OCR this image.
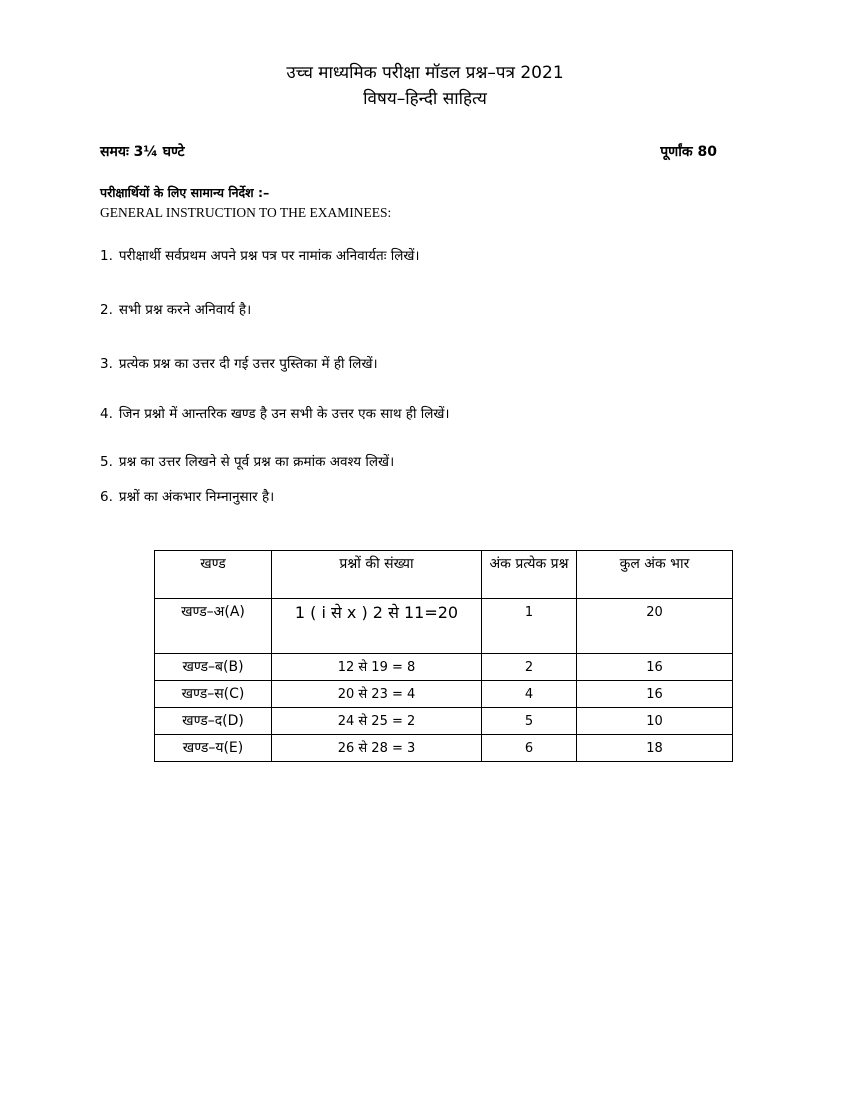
उच्च माध्यमिक परीक्षा मॉडल प्रश्न–पत्र 2021
विषय–हिन्दी साहित्य
समयः 3¼ घण्टे	पूर्णांक 80
परीक्षार्थियों के लिए सामान्य निर्देश :–
GENERAL INSTRUCTION TO THE EXAMINEES:
1. परीक्षार्थी सर्वप्रथम अपने प्रश्न पत्र पर नामांक अनिवार्यतः लिखें।
2. सभी प्रश्न करने अनिवार्य है।
3. प्रत्येक प्रश्न का उत्तर दी गई उत्तर पुस्तिका में ही लिखें।
4. जिन प्रश्नो में आन्तरिक खण्ड है उन सभी के उत्तर एक साथ ही लिखें।
5. प्रश्न का उत्तर लिखने से पूर्व प्रश्न का क्रमांक अवश्य लिखें।
6. प्रश्नों का अंकभार निम्नानुसार है।
खण्ड	प्रश्नों की संख्या	अंक प्रत्येक प्रश्न	कुल अंक भार
खण्ड–अ(A)	1 ( i से x ) 2 से 11=20	1	20
खण्ड–ब(B)	12 से 19 = 8	2	16
खण्ड–स(C)	20 से 23 = 4	4	16
खण्ड–द(D)	24 से 25 = 2	5	10
खण्ड–य(E)	26 से 28 = 3	6	18
